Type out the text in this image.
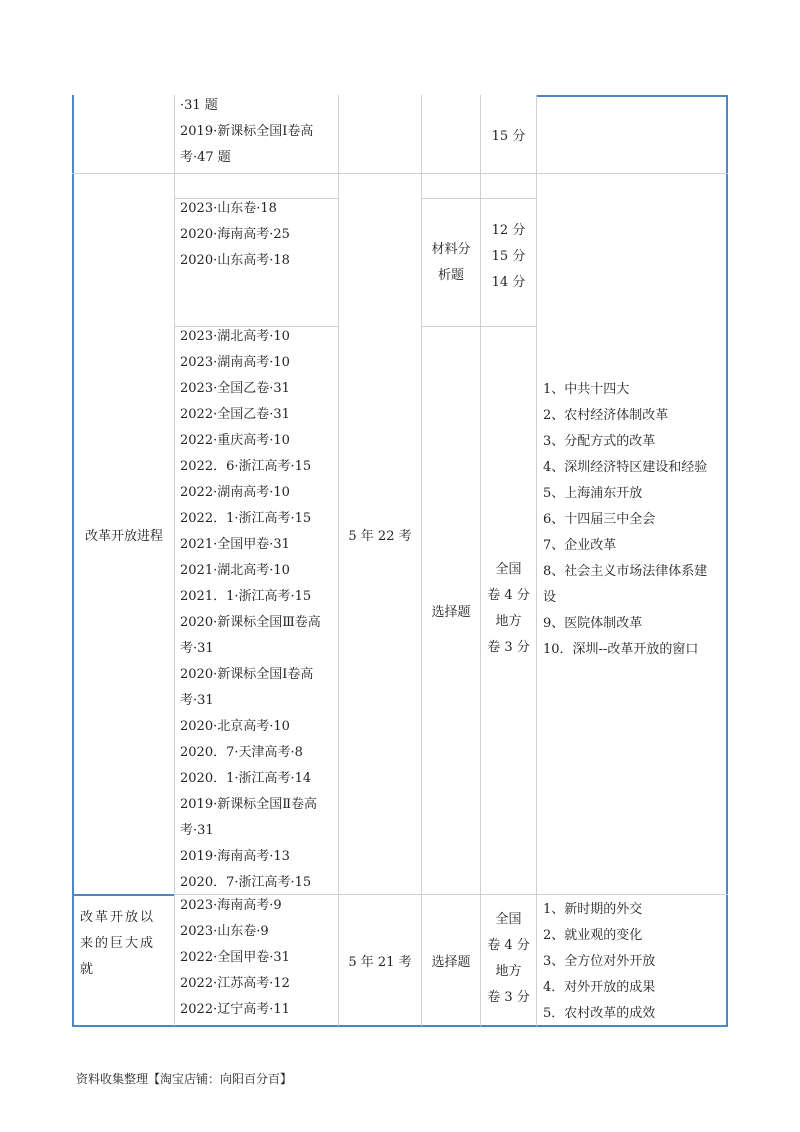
·31 题
2019·新课标全国Ⅰ卷高
考·47 题
15 分
改革开放进程	5 年 22 考
2023·山东卷·18
2020·海南高考·25
2020·山东高考·18
材料分析题
12 分
15 分
14 分
2023·湖北高考·10
2023·湖南高考·10
2023·全国乙卷·31
2022·全国乙卷·31
2022·重庆高考·10
2022．6·浙江高考·15
2022·湖南高考·10
2022．1·浙江高考·15
2021·全国甲卷·31
2021·湖北高考·10
2021．1·浙江高考·15
2020·新课标全国Ⅲ卷高
考·31
2020·新课标全国Ⅰ卷高
考·31
2020·北京高考·10
2020．7·天津高考·8
2020．1·浙江高考·14
2019·新课标全国Ⅱ卷高
考·31
2019·海南高考·13
2020．7·浙江高考·15
选择题
全国
卷 4 分
地方
卷 3 分
1、中共十四大
2、农村经济体制改革
3、分配方式的改革
4、深圳经济特区建设和经验
5、上海浦东开放
6、十四届三中全会
7、企业改革
8、社会主义市场法律体系建
设
9、医院体制改革
10．深圳--改革开放的窗口
改革开放以
来的巨大成
就
2023·海南高考·9
2023·山东卷·9
2022·全国甲卷·31
2022·江苏高考·12
2022·辽宁高考·11
5 年 21 考 选择题
全国
卷 4 分
地方
卷 3 分
1、新时期的外交
2、就业观的变化
3、全方位对外开放
4．对外开放的成果
5．农村改革的成效
资料收集整理【淘宝店铺：向阳百分百】
